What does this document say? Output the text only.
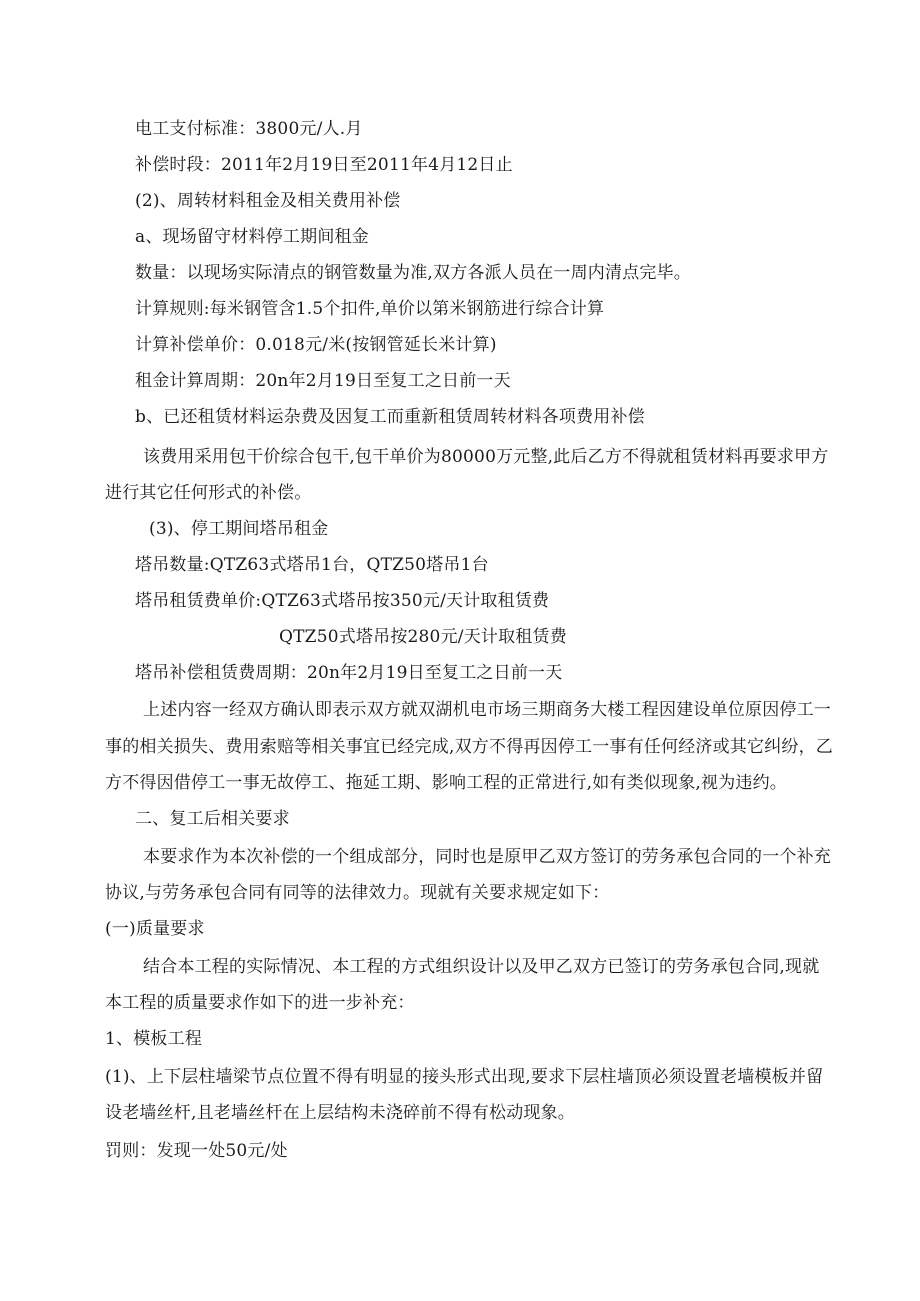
电工支付标准：3800元/人.月
补偿时段：2011年2月19日至2011年4月12日止
(2)、周转材料租金及相关费用补偿
a、现场留守材料停工期间租金
数量：以现场实际清点的钢管数量为准,双方各派人员在一周内清点完毕。
计算规则:每米钢管含1.5个扣件,单价以第米钢筋进行综合计算
计算补偿单价：0.018元/米(按钢管延长米计算)
租金计算周期：20n年2月19日至复工之日前一天
b、已还租赁材料运杂费及因复工而重新租赁周转材料各项费用补偿
该费用采用包干价综合包干,包干单价为80000万元整,此后乙方不得就租赁材料再要求甲方
进行其它任何形式的补偿。
(3)、停工期间塔吊租金
塔吊数量:QTZ63式塔吊1台，QTZ50塔吊1台
塔吊租赁费单价:QTZ63式塔吊按350元/天计取租赁费
QTZ50式塔吊按280元/天计取租赁费
塔吊补偿租赁费周期：20n年2月19日至复工之日前一天
上述内容一经双方确认即表示双方就双湖机电市场三期商务大楼工程因建设单位原因停工一
事的相关损失、费用索赔等相关事宜已经完成,双方不得再因停工一事有任何经济或其它纠纷，乙
方不得因借停工一事无故停工、拖延工期、影响工程的正常进行,如有类似现象,视为违约。
二、复工后相关要求
本要求作为本次补偿的一个组成部分，同时也是原甲乙双方签订的劳务承包合同的一个补充
协议,与劳务承包合同有同等的法律效力。现就有关要求规定如下：
(一)质量要求
结合本工程的实际情况、本工程的方式组织设计以及甲乙双方已签订的劳务承包合同,现就
本工程的质量要求作如下的进一步补充：
1、模板工程
(1)、上下层柱墙梁节点位置不得有明显的接头形式出现,要求下层柱墙顶必须设置老墙模板并留
设老墙丝杆,且老墙丝杆在上层结构未浇碎前不得有松动现象。
罚则：发现一处50元/处
